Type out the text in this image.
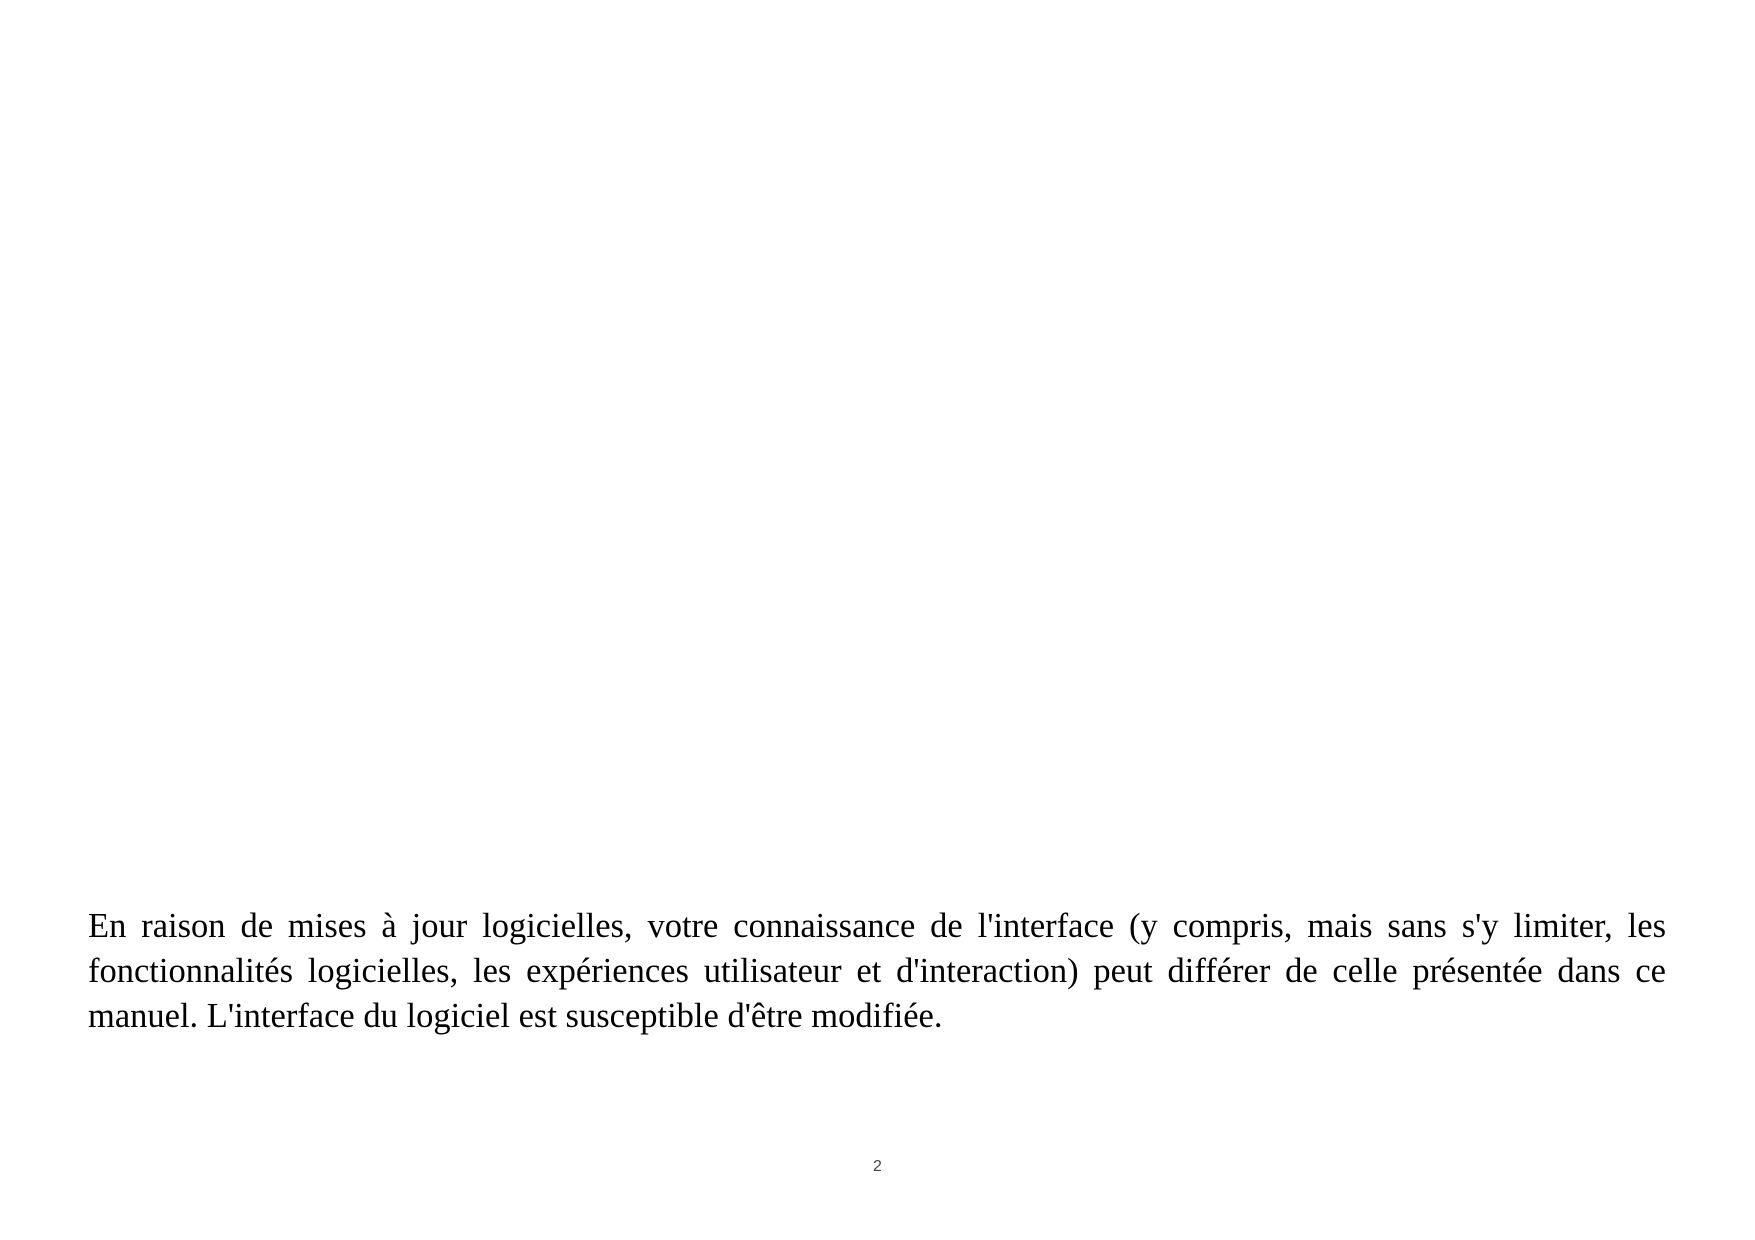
En raison de mises à jour logicielles, votre connaissance de l'interface (y compris, mais sans s'y limiter, les fonctionnalités logicielles, les expériences utilisateur et d'interaction) peut différer de celle présentée dans ce manuel. L'interface du logiciel est susceptible d'être modifiée.

2
